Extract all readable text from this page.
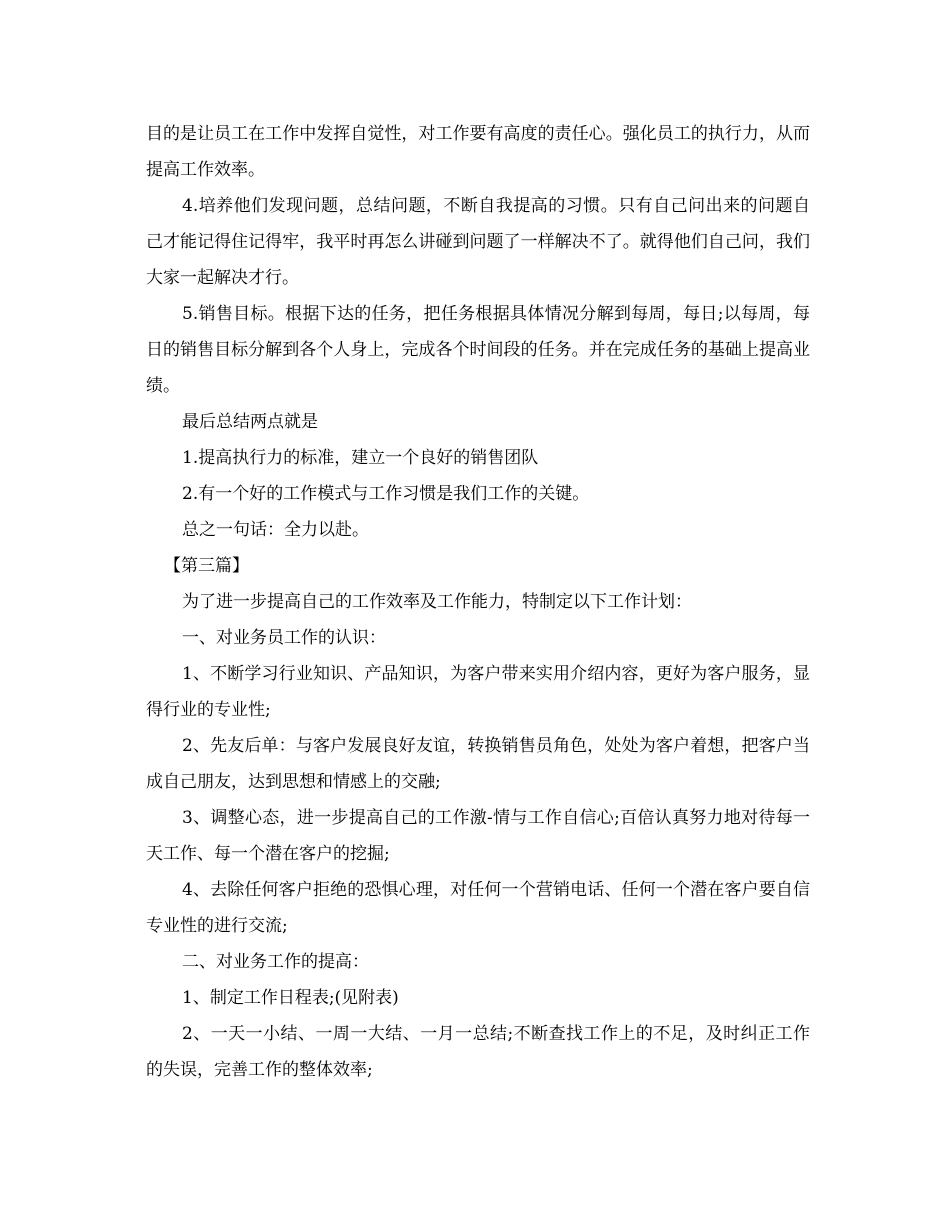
目的是让员工在工作中发挥自觉性，对工作要有高度的责任心。强化员工的执行力，从而提高工作效率。

4.培养他们发现问题，总结问题，不断自我提高的习惯。只有自己问出来的问题自己才能记得住记得牢，我平时再怎么讲碰到问题了一样解决不了。就得他们自己问，我们大家一起解决才行。

5.销售目标。根据下达的任务，把任务根据具体情况分解到每周，每日;以每周，每日的销售目标分解到各个人身上，完成各个时间段的任务。并在完成任务的基础上提高业绩。

最后总结两点就是

1.提高执行力的标准，建立一个良好的销售团队

2.有一个好的工作模式与工作习惯是我们工作的关键。

总之一句话：全力以赴。

【第三篇】

为了进一步提高自己的工作效率及工作能力，特制定以下工作计划：

一、对业务员工作的认识：

1、不断学习行业知识、产品知识，为客户带来实用介绍内容，更好为客户服务，显得行业的专业性;

2、先友后单：与客户发展良好友谊，转换销售员角色，处处为客户着想，把客户当成自己朋友，达到思想和情感上的交融;

3、调整心态，进一步提高自己的工作激-情与工作自信心;百倍认真努力地对待每一天工作、每一个潜在客户的挖掘;

4、去除任何客户拒绝的恐惧心理，对任何一个营销电话、任何一个潜在客户要自信专业性的进行交流;

二、对业务工作的提高：

1、制定工作日程表;(见附表)

2、一天一小结、一周一大结、一月一总结;不断查找工作上的不足，及时纠正工作的失误，完善工作的整体效率;
